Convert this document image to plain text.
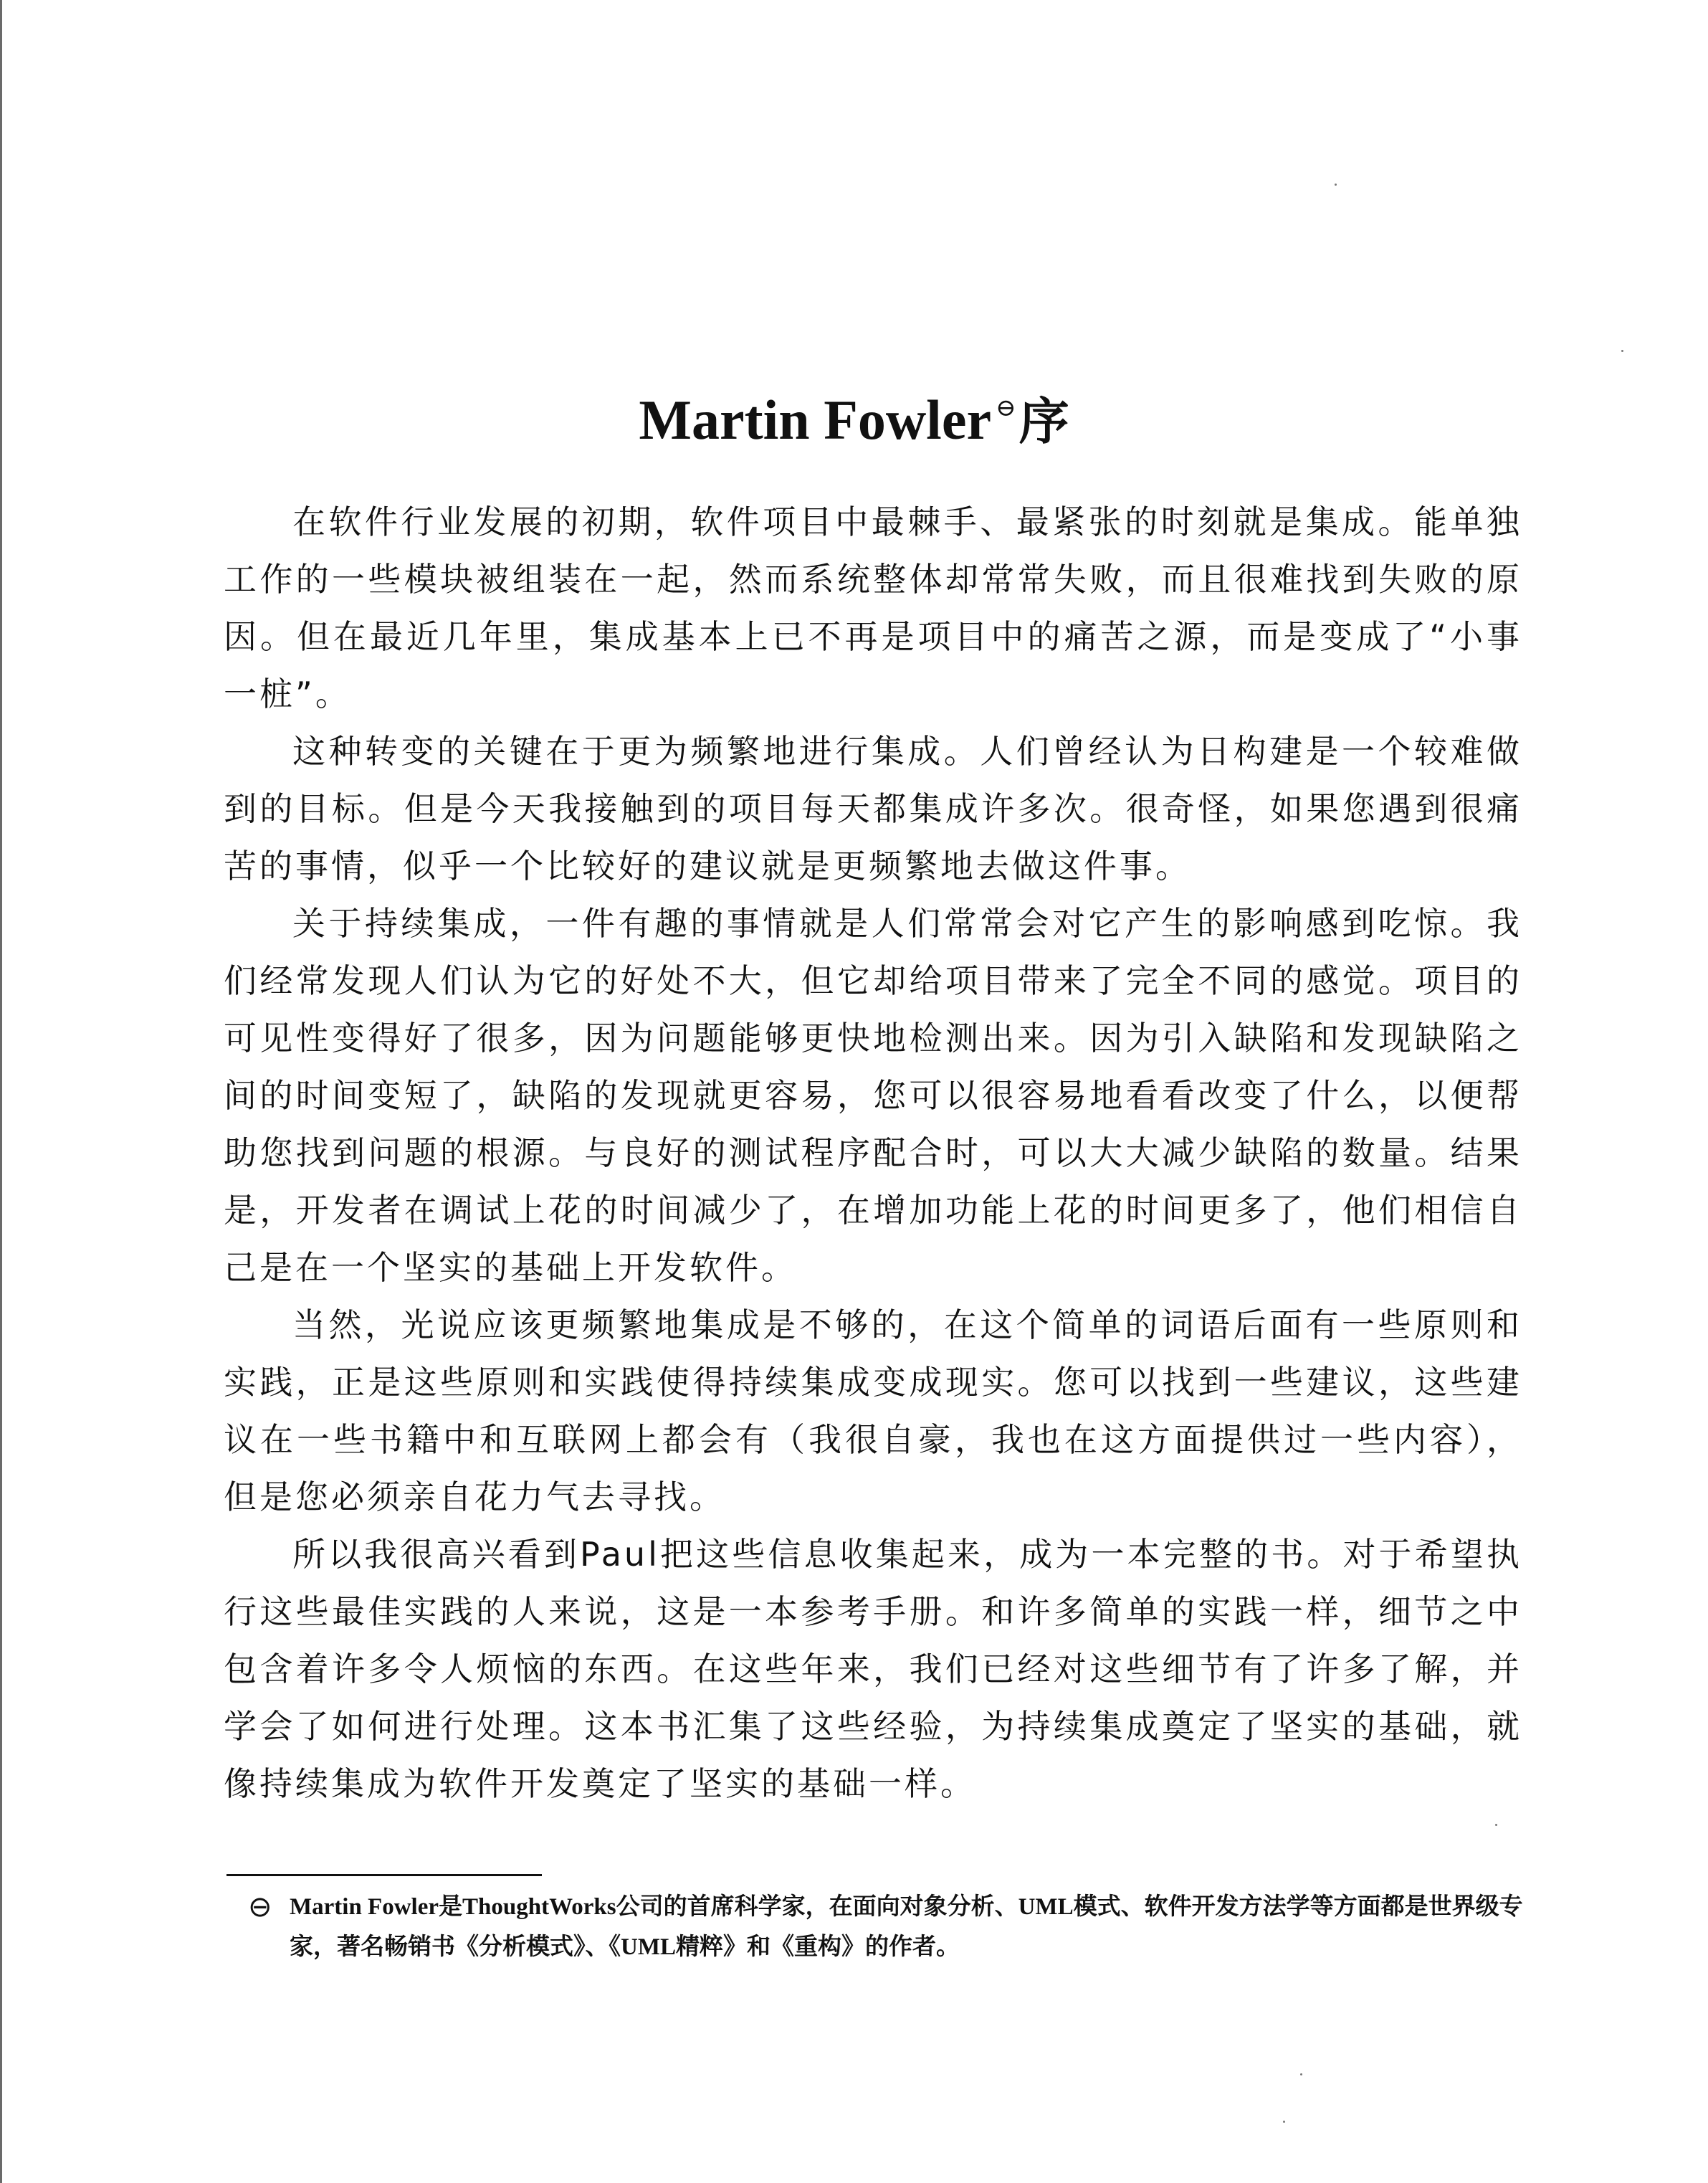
Martin Fowler ⊖序

在软件行业发展的初期，软件项目中最棘手、最紧张的时刻就是集成。能单独工作的一些模块被组装在一起，然而系统整体却常常失败，而且很难找到失败的原因。但在最近几年里，集成基本上已不再是项目中的痛苦之源，而是变成了“小事一桩”。

这种转变的关键在于更为频繁地进行集成。人们曾经认为日构建是一个较难做到的目标。但是今天我接触到的项目每天都集成许多次。很奇怪，如果您遇到很痛苦的事情，似乎一个比较好的建议就是更频繁地去做这件事。

关于持续集成，一件有趣的事情就是人们常常会对它产生的影响感到吃惊。我们经常发现人们认为它的好处不大，但它却给项目带来了完全不同的感觉。项目的可见性变得好了很多，因为问题能够更快地检测出来。因为引入缺陷和发现缺陷之间的时间变短了，缺陷的发现就更容易，您可以很容易地看看改变了什么，以便帮助您找到问题的根源。与良好的测试程序配合时，可以大大减少缺陷的数量。结果是，开发者在调试上花的时间减少了，在增加功能上花的时间更多了，他们相信自己是在一个坚实的基础上开发软件。

当然，光说应该更频繁地集成是不够的，在这个简单的词语后面有一些原则和实践，正是这些原则和实践使得持续集成变成现实。您可以找到一些建议，这些建议在一些书籍中和互联网上都会有（我很自豪，我也在这方面提供过一些内容），但是您必须亲自花力气去寻找。

所以我很高兴看到Paul把这些信息收集起来，成为一本完整的书。对于希望执行这些最佳实践的人来说，这是一本参考手册。和许多简单的实践一样，细节之中包含着许多令人烦恼的东西。在这些年来，我们已经对这些细节有了许多了解，并学会了如何进行处理。这本书汇集了这些经验，为持续集成奠定了坚实的基础，就像持续集成为软件开发奠定了坚实的基础一样。

⊖ Martin Fowler是ThoughtWorks公司的首席科学家，在面向对象分析、UML模式、软件开发方法学等方面都是世界级专家，著名畅销书《分析模式》、《UML精粹》和《重构》的作者。
